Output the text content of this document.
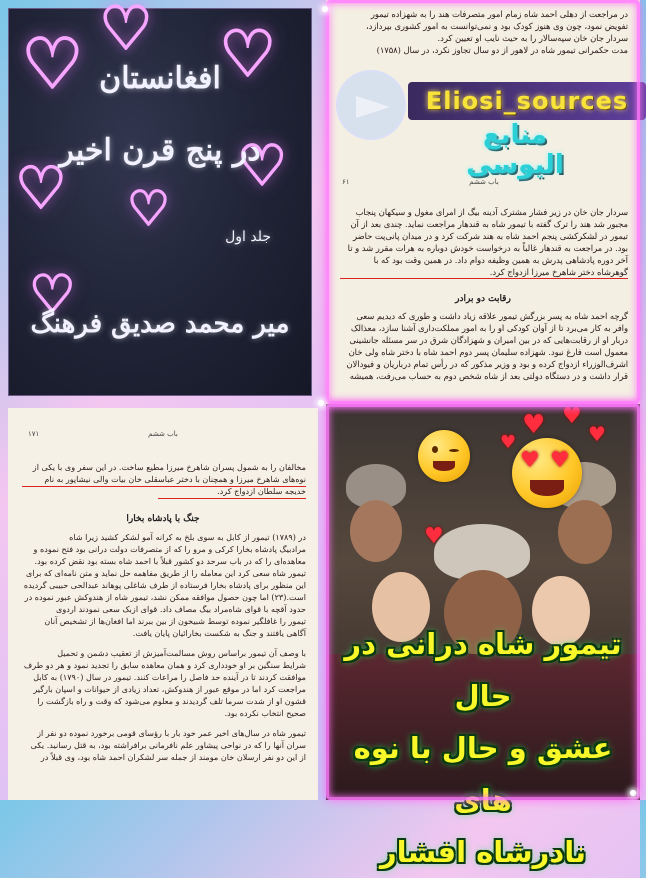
♡ ♡ ♡
♡	♡
♡
♡
افغانستان
در پنج قرن اخیر
جلد اول
میر محمد صدیق فرهنگ
در مراجعت از دهلی احمد شاه زمام امور متصرفات هند را به شهزاده تیمور
تفویض نمود، چون وی هنوز کودک بود و نمی‌توانست به امور کشوری بپردازد،
سردار جان خان سپه‌سالار را به حیث نایب او تعیین کرد.
مدت حکمرانی تیمور شاه در لاهور از دو سال تجاوز نکرد، در سال (۱۷۵۸)
Eliosi_sources
منابع الیوسی
۶۱	باب ششم
سردار جان خان در زیر فشار مشترک آدینه بیگ از امرای مغول و سیکهان پنجاب
مجبور شد هند را ترک گفته با تیمور شاه به قندهار مراجعت نماید. چندی بعد از آن
تیمور در لشکرکشی پنجم احمد شاه به هند شرکت کرد و در میدان پانی‌پت حاضر
بود. در مراجعت به قندهار غالباً به درخواست خودش دوباره به هرات مقرر شد و تا
آخر دوره پادشاهی پدرش به همین وظیفه دوام داد. در همین وقت بود که با
گوهرشاه دختر شاهرخ میرزا ازدواج کرد.
رقابت دو برادر
گرچه احمد شاه به پسر بزرگش تیمور علاقه زیاد داشت و طوری که دیدیم سعی
وافر به کار می‌برد تا از آوان کودکی او را به امور مملکت‌داری آشنا سازد، معذالک
دربار او از رقابت‌هایی که در بین امیران و شهزادگان شرق در سر مسئله جانشینی
معمول است فارغ نبود. شهزاده سلیمان پسر دوم احمد شاه با دختر شاه ولی خان
اشرف‌الوزراء ازدواج کرده و بود و وزیر مذکور که در رأس تمام درباریان و فیودالان
قرار داشت و در دستگاه دولتی بعد از شاه شخص دوم به حساب می‌رفت، همیشه
۱۷۱	باب ششم
مخالفان را به شمول پسران شاهرخ میرزا مطیع ساخت. در این سفر وی با یکی از
نوه‌های شاهرخ میرزا و همچنان با دختر عباسقلی خان بیات والی نیشاپور به نام
خدیجه سلطان ازدواج کرد.
جنگ با پادشاه بخارا
در (۱۷۸۹) تیمور از کابل به سوی بلخ به کرانه آمو لشکر کشید زیرا شاه
مرادبیگ پادشاه بخارا کرکی و مرو را که از متصرفات دولت درانی بود فتح نموده و
معاهده‌ای را که در باب سرحد دو کشور قبلاً با احمد شاه بسته بود نقض کرده بود.
تیمور شاه سعی کرد این معامله را از طریق مفاهمه حل نماید و متن نامه‌ای که برای
این منظور برای پادشاه بخارا فرستاده از طرف شاغلی پوهاند عبدالحی حبیبی گردیده
است.(۲۳) اما چون حصول موافقه ممکن نشد، تیمور شاه از هندوکش عبور نموده در
حدود آقچه با قوای شاه‌مراد بیگ مصاف داد. قوای ازبک سعی نمودند اردوی
تیمور را غافلگیر نموده توسط شبیخون از بین ببرند اما افغان‌ها از تشخیص آنان
آگاهی یافتند و جنگ به شکست بخارائیان پایان یافت.
با وصف آن تیمور براساس روش مسالمت‌آمیزش از تعقیب دشمن و تحمیل
شرایط سنگین بر او خودداری کرد و همان معاهده سابق را تجدید نمود و هر دو طرف
موافقت کردند تا در آینده حد فاصل را مراعات کنند. تیمور در سال (۱۷۹۰) به کابل
مراجعت کرد اما در موقع عبور از هندوکش، تعداد زیادی از حیوانات و اسپان بارگیر
قشون او از شدت سرما تلف گردیدند و معلوم می‌شود که وقت و راه بازگشت را
صحیح انتخاب نکرده بود.
تیمور شاه در سال‌های اخیر عمر خود بار با رؤسای قومی برخورد نموده دو نفر از
سران آنها را که در نواحی پیشاور علم نافرمانی برافراشته بود، به قتل رسانید. یکی
از این دو نفر ارسلان خان مومند از جمله سر لشکران احمد شاه بود، وی قبلاً در
♥ ♥
♥ ♥
♥
♥
♥
تیمور شاه درانی در حال
عشق و حال با نوه های
نادرشاه افشار
